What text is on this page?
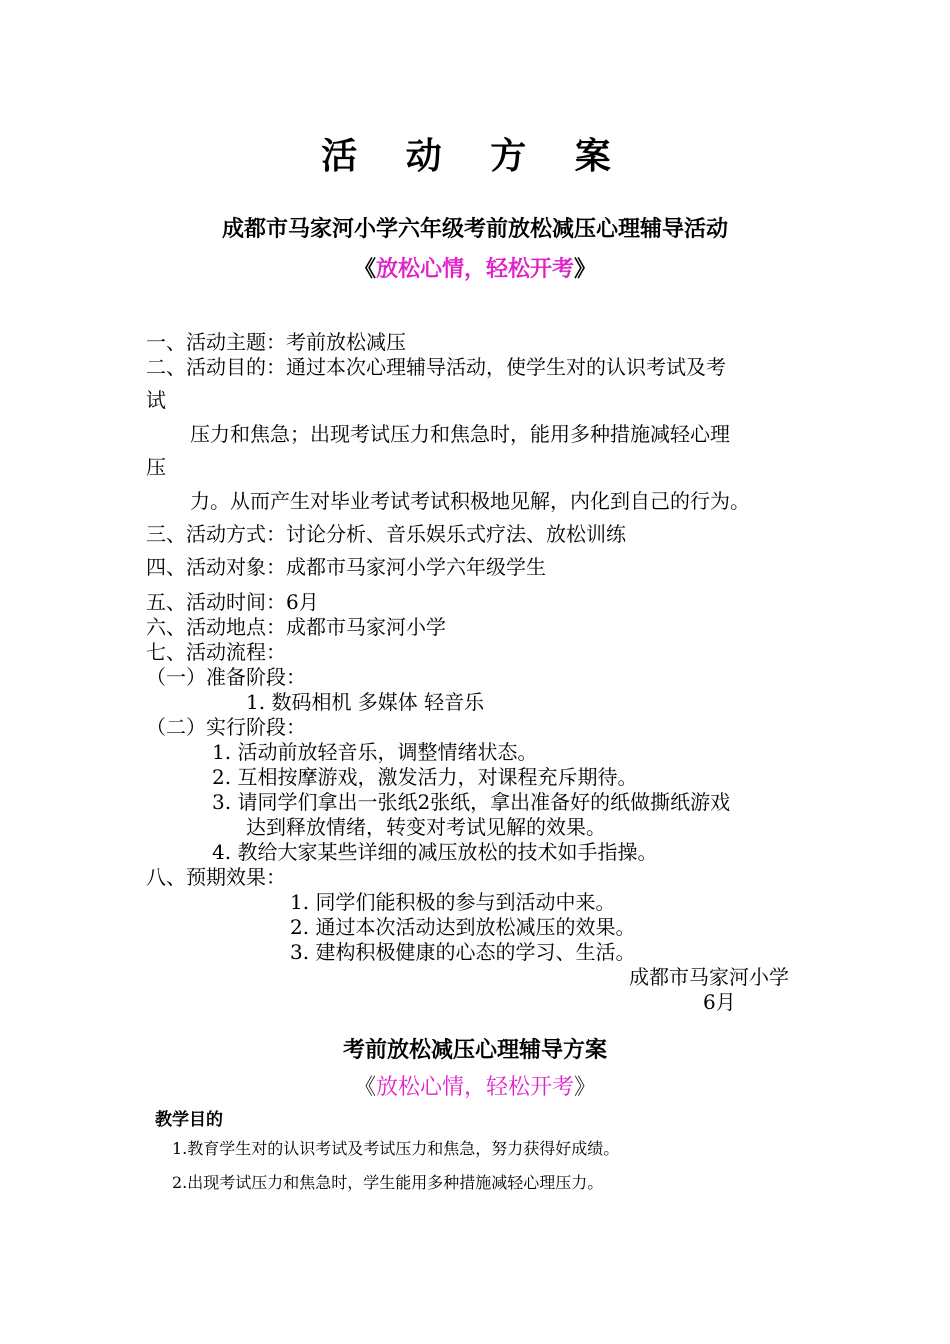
活 动 方 案
成都市马家河小学六年级考前放松减压心理辅导活动
《放松心情，轻松开考》
一、活动主题：考前放松减压
二、活动目的：通过本次心理辅导活动，使学生对的认识考试及考
试
压力和焦急；出现考试压力和焦急时，能用多种措施减轻心理
压
力。从而产生对毕业考试考试积极地见解，内化到自己的行为。
三、活动方式：讨论分析、音乐娱乐式疗法、放松训练
四、活动对象：成都市马家河小学六年级学生
五、活动时间：6月
六、活动地点：成都市马家河小学
七、活动流程：
（一）准备阶段：
1. 数码相机 多媒体 轻音乐
（二）实行阶段：
1. 活动前放轻音乐，调整情绪状态。
2. 互相按摩游戏，激发活力，对课程充斥期待。
3. 请同学们拿出一张纸2张纸，拿出准备好的纸做撕纸游戏
达到释放情绪，转变对考试见解的效果。
4. 教给大家某些详细的减压放松的技术如手指操。
八、预期效果：
1. 同学们能积极的参与到活动中来。
2. 通过本次活动达到放松减压的效果。
3. 建构积极健康的心态的学习、生活。
成都市马家河小学
6月
考前放松减压心理辅导方案
《放松心情，轻松开考》
教学目的
1.教育学生对的认识考试及考试压力和焦急，努力获得好成绩。
2.出现考试压力和焦急时，学生能用多种措施减轻心理压力。
